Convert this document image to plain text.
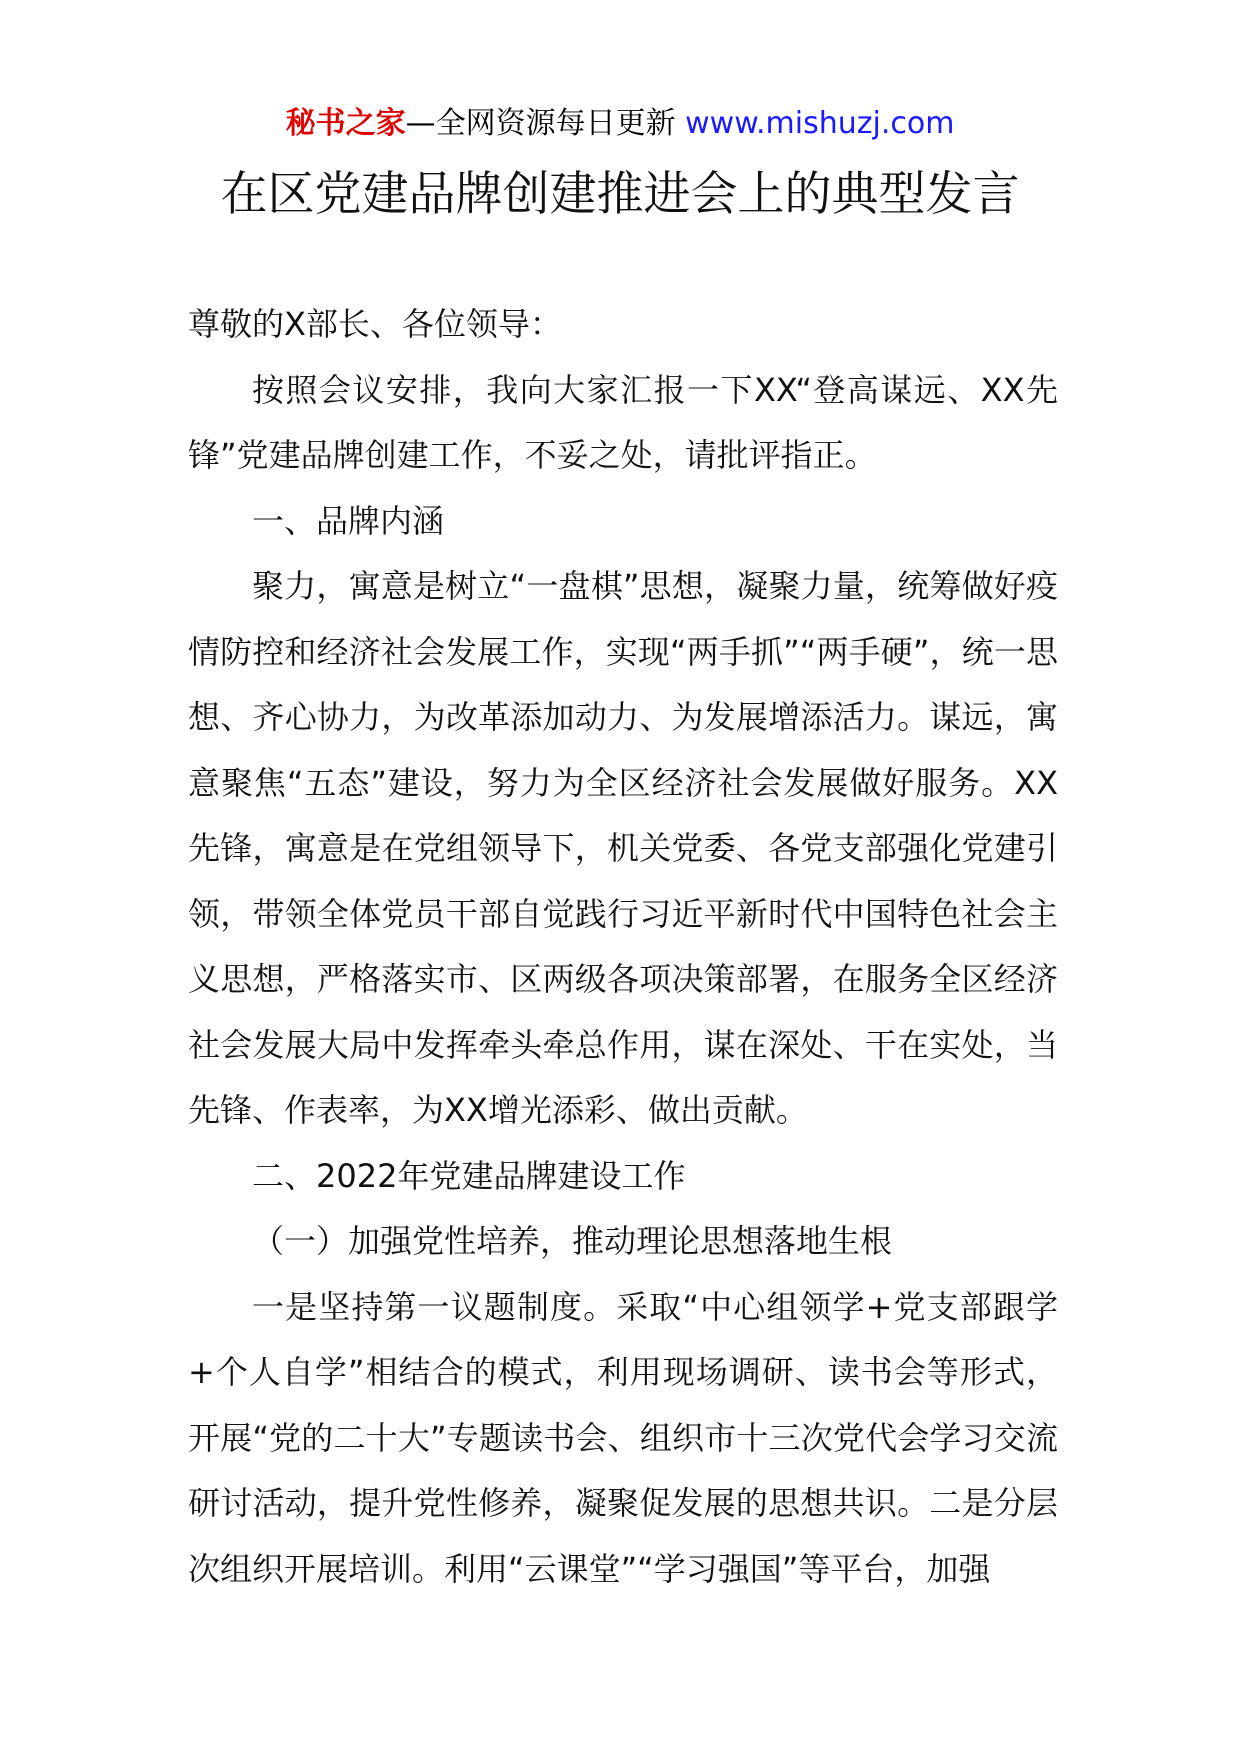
秘书之家—全网资源每日更新 www.mishuzj.com
在区党建品牌创建推进会上的典型发言

尊敬的X部长、各位领导：

按照会议安排，我向大家汇报一下XX“登高谋远、XX先锋”党建品牌创建工作，不妥之处，请批评指正。

一、品牌内涵

聚力，寓意是树立“一盘棋”思想，凝聚力量，统筹做好疫情防控和经济社会发展工作，实现“两手抓”“两手硬”，统一思想、齐心协力，为改革添加动力、为发展增添活力。谋远，寓意聚焦“五态”建设，努力为全区经济社会发展做好服务。XX先锋，寓意是在党组领导下，机关党委、各党支部强化党建引领，带领全体党员干部自觉践行习近平新时代中国特色社会主义思想，严格落实市、区两级各项决策部署，在服务全区经济社会发展大局中发挥牵头牵总作用，谋在深处、干在实处，当先锋、作表率，为XX增光添彩、做出贡献。

二、2022年党建品牌建设工作

（一）加强党性培养，推动理论思想落地生根

一是坚持第一议题制度。采取“中心组领学+党支部跟学+个人自学”相结合的模式，利用现场调研、读书会等形式，开展“党的二十大”专题读书会、组织市十三次党代会学习交流研讨活动，提升党性修养，凝聚促发展的思想共识。二是分层次组织开展培训。利用“云课堂”“学习强国”等平台，加强
